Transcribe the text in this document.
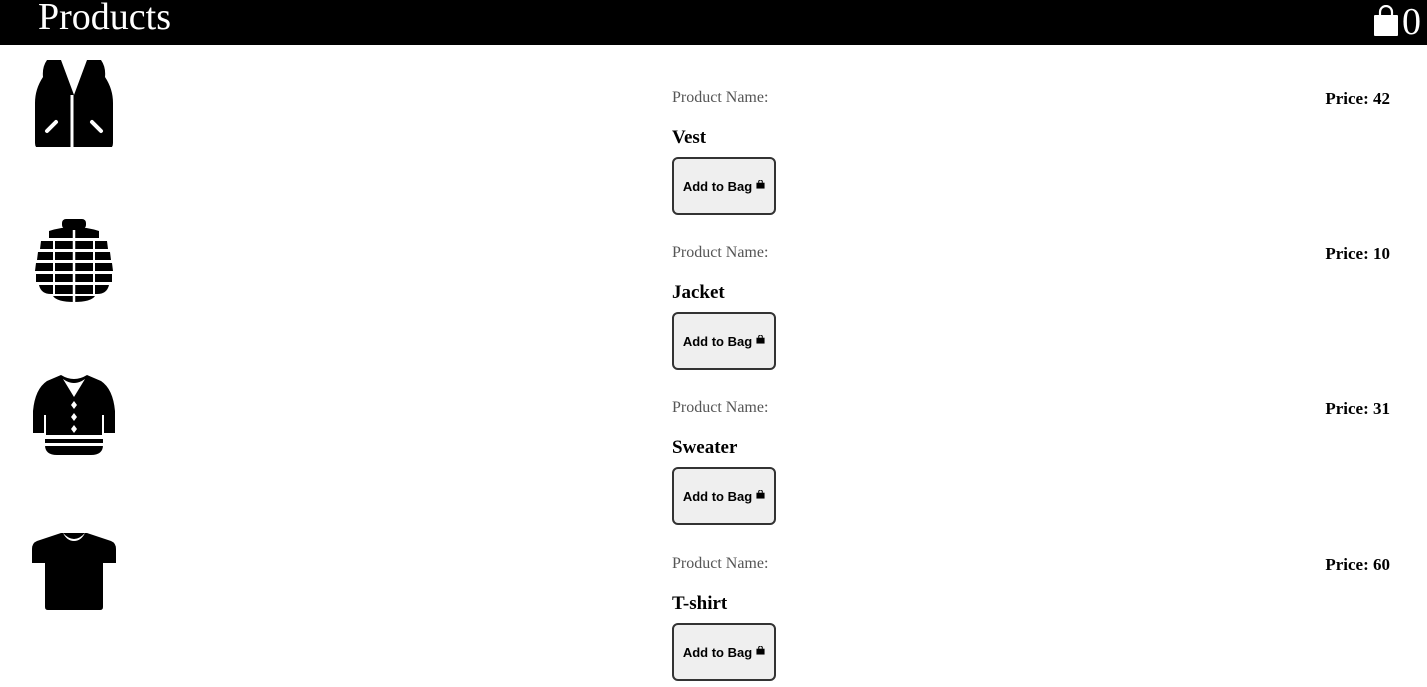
Products	0
Product Name:
Vest
Price: 42
Add to Bag
Product Name:
Jacket
Price: 10
Add to Bag
Product Name:
Sweater
Price: 31
Add to Bag
Product Name:
T-shirt
Price: 60
Add to Bag
